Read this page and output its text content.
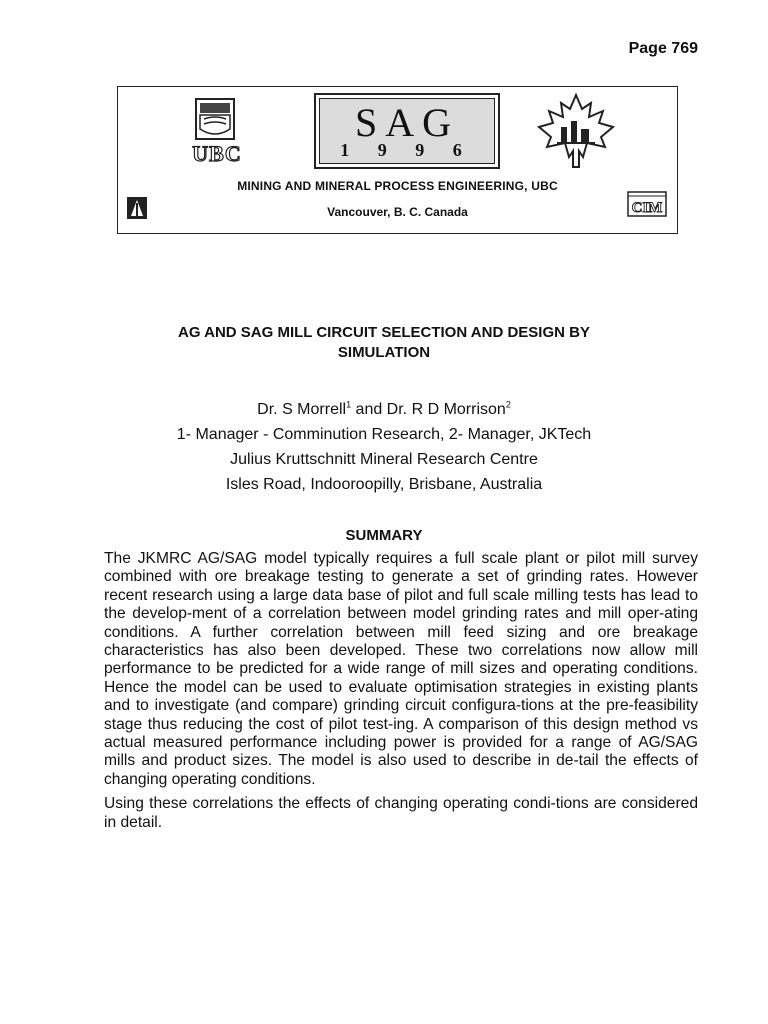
Page 769
UBC
SAG
1 9 9 6
MINING AND MINERAL PROCESS ENGINEERING, UBC
Vancouver, B. C. Canada	CIM
AG AND SAG MILL CIRCUIT SELECTION AND DESIGN BY
SIMULATION
Dr. S Morrell$^1$ and Dr. R D Morrison$^2$
1- Manager - Comminution Research, 2- Manager, JKTech
Julius Kruttschnitt Mineral Research Centre
Isles Road, Indooroopilly, Brisbane, Australia
SUMMARY

The JKMRC AG/SAG model typically requires a full scale plant or pilot mill survey combined with ore breakage testing to generate a set of grinding rates. However recent research using a large data base of pilot and full scale milling tests has lead to the develop-ment of a correlation between model grinding rates and mill oper-ating conditions. A further correlation between mill feed sizing and ore breakage characteristics has also been developed. These two correlations now allow mill performance to be predicted for a wide range of mill sizes and operating conditions. Hence the model can be used to evaluate optimisation strategies in existing plants and to investigate (and compare) grinding circuit configura-tions at the pre-feasibility stage thus reducing the cost of pilot test-ing. A comparison of this design method vs actual measured performance including power is provided for a range of AG/SAG mills and product sizes. The model is also used to describe in de-tail the effects of changing operating conditions.

Using these correlations the effects of changing operating condi-tions are considered in detail.
